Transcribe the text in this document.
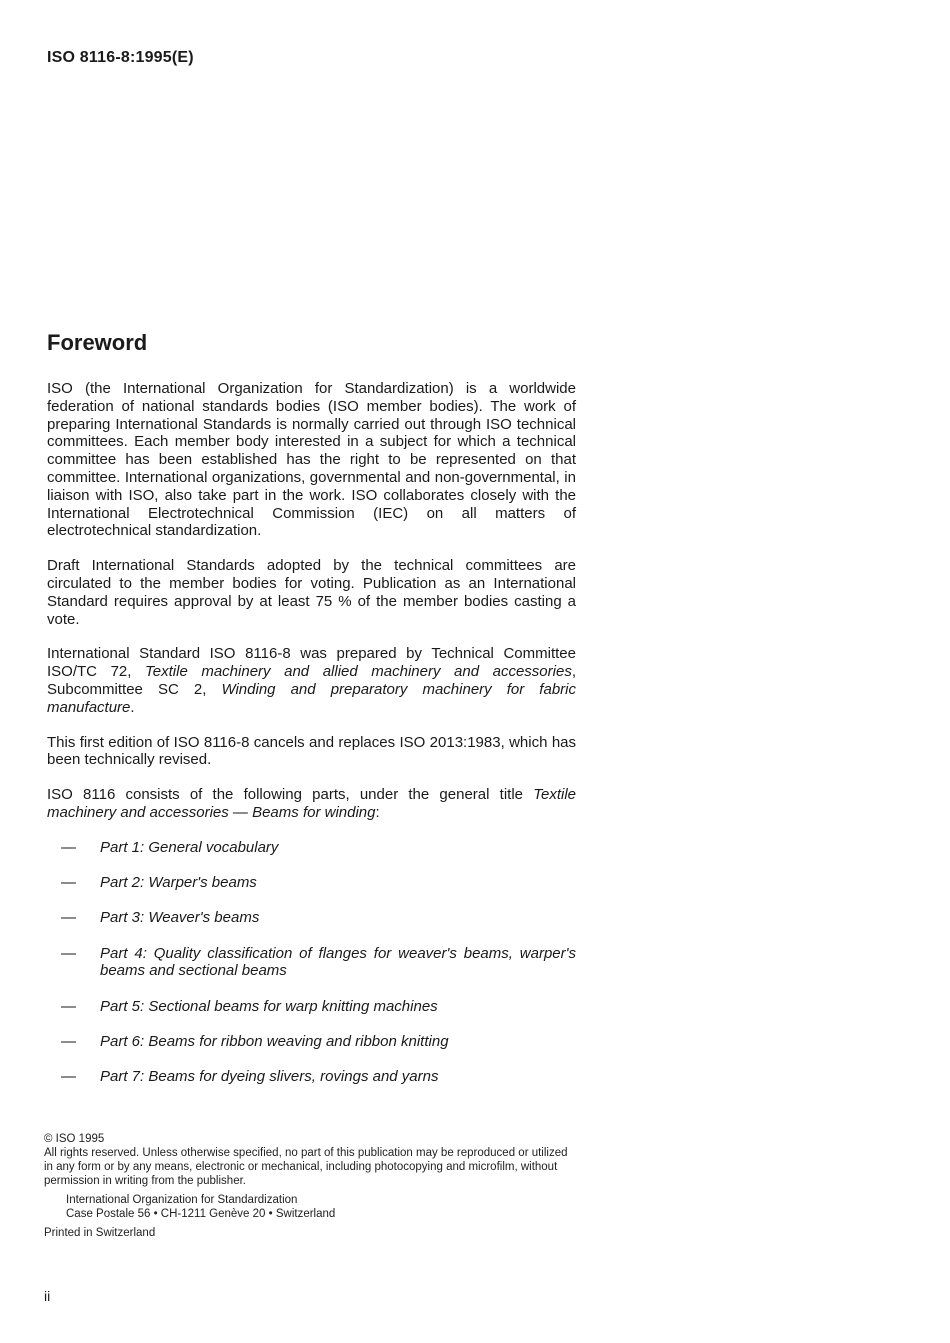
ISO 8116-8:1995(E)
Foreword

ISO (the International Organization for Standardization) is a worldwide federation of national standards bodies (ISO member bodies). The work of preparing International Standards is normally carried out through ISO technical committees. Each member body interested in a subject for which a technical committee has been established has the right to be represented on that committee. International organizations, governmental and non-governmental, in liaison with ISO, also take part in the work. ISO collaborates closely with the International Electrotechnical Commission (IEC) on all matters of electrotechnical standardization.

Draft International Standards adopted by the technical committees are circulated to the member bodies for voting. Publication as an International Standard requires approval by at least 75 % of the member bodies casting a vote.

International Standard ISO 8116-8 was prepared by Technical Committee ISO/TC 72, Textile machinery and allied machinery and accessories, Subcommittee SC 2, Winding and preparatory machinery for fabric manufacture.

This first edition of ISO 8116-8 cancels and replaces ISO 2013:1983, which has been technically revised.

ISO 8116 consists of the following parts, under the general title Textile machinery and accessories — Beams for winding:

— Part 1: General vocabulary
— Part 2: Warper's beams
— Part 3: Weaver's beams
— Part 4: Quality classification of flanges for weaver's beams, warper's beams and sectional beams
— Part 5: Sectional beams for warp knitting machines
— Part 6: Beams for ribbon weaving and ribbon knitting
— Part 7: Beams for dyeing slivers, rovings and yarns
© ISO 1995
All rights reserved. Unless otherwise specified, no part of this publication may be reproduced or utilized in any form or by any means, electronic or mechanical, including photocopying and microfilm, without permission in writing from the publisher.
International Organization for Standardization
Case Postale 56 • CH-1211 Genève 20 • Switzerland
Printed in Switzerland
ii
